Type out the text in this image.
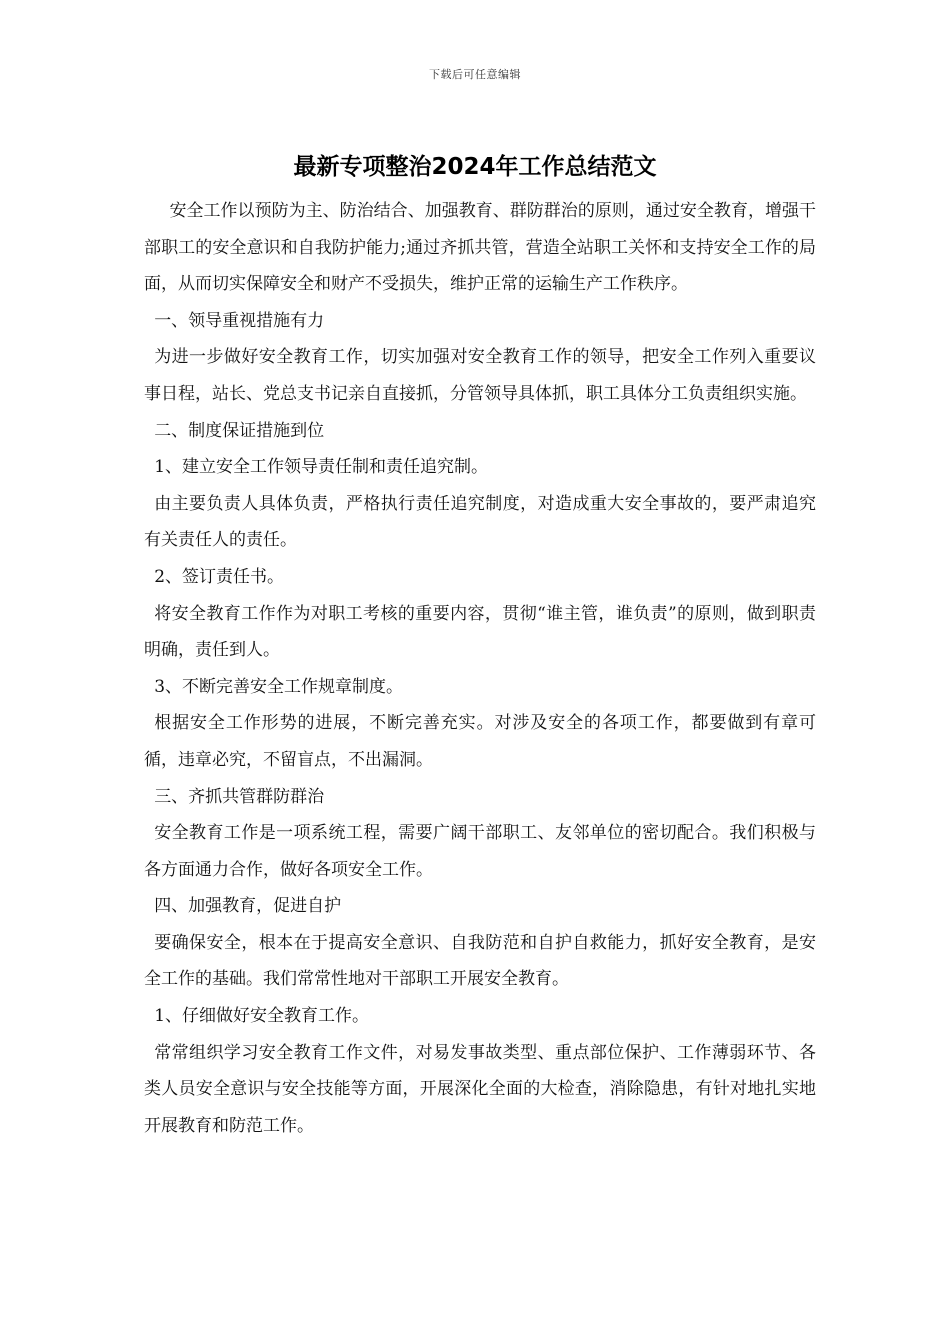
下载后可任意编辑
最新专项整治2024年工作总结范文

安全工作以预防为主、防治结合、加强教育、群防群治的原则，通过安全教育，增强干部职工的安全意识和自我防护能力;通过齐抓共管，营造全站职工关怀和支持安全工作的局面，从而切实保障安全和财产不受损失，维护正常的运输生产工作秩序。

一、领导重视措施有力

为进一步做好安全教育工作，切实加强对安全教育工作的领导，把安全工作列入重要议事日程，站长、党总支书记亲自直接抓，分管领导具体抓，职工具体分工负责组织实施。

二、制度保证措施到位

1、建立安全工作领导责任制和责任追究制。

由主要负责人具体负责，严格执行责任追究制度，对造成重大安全事故的，要严肃追究有关责任人的责任。

2、签订责任书。

将安全教育工作作为对职工考核的重要内容，贯彻“谁主管，谁负责”的原则，做到职责明确，责任到人。

3、不断完善安全工作规章制度。

根据安全工作形势的进展，不断完善充实。对涉及安全的各项工作，都要做到有章可循，违章必究，不留盲点，不出漏洞。

三、齐抓共管群防群治

安全教育工作是一项系统工程，需要广阔干部职工、友邻单位的密切配合。我们积极与各方面通力合作，做好各项安全工作。

四、加强教育，促进自护

要确保安全，根本在于提高安全意识、自我防范和自护自救能力，抓好安全教育，是安全工作的基础。我们常常性地对干部职工开展安全教育。

1、仔细做好安全教育工作。

常常组织学习安全教育工作文件，对易发事故类型、重点部位保护、工作薄弱环节、各类人员安全意识与安全技能等方面，开展深化全面的大检查，消除隐患，有针对地扎实地开展教育和防范工作。
